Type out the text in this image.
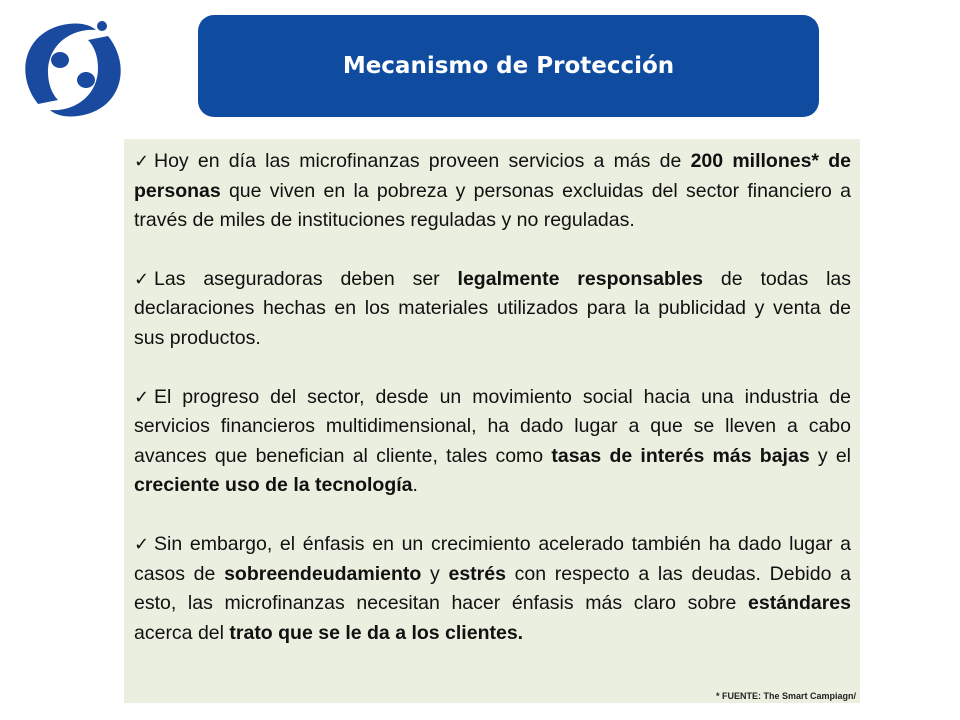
Mecanismo de Protección

✓ Hoy en día las microfinanzas proveen servicios a más de 200 millones* de personas que viven en la pobreza y personas excluidas del sector financiero a través de miles de instituciones reguladas y no reguladas.

✓ Las aseguradoras deben ser legalmente responsables de todas las declaraciones hechas en los materiales utilizados para la publicidad y venta de sus productos.

✓ El progreso del sector, desde un movimiento social hacia una industria de servicios financieros multidimensional, ha dado lugar a que se lleven a cabo avances que benefician al cliente, tales como tasas de interés más bajas y el creciente uso de la tecnología.

✓ Sin embargo, el énfasis en un crecimiento acelerado también ha dado lugar a casos de sobreendeudamiento y estrés con respecto a las deudas. Debido a esto, las microfinanzas necesitan hacer énfasis más claro sobre estándares acerca del trato que se le da a los clientes.

* FUENTE: The Smart Campiagn/
